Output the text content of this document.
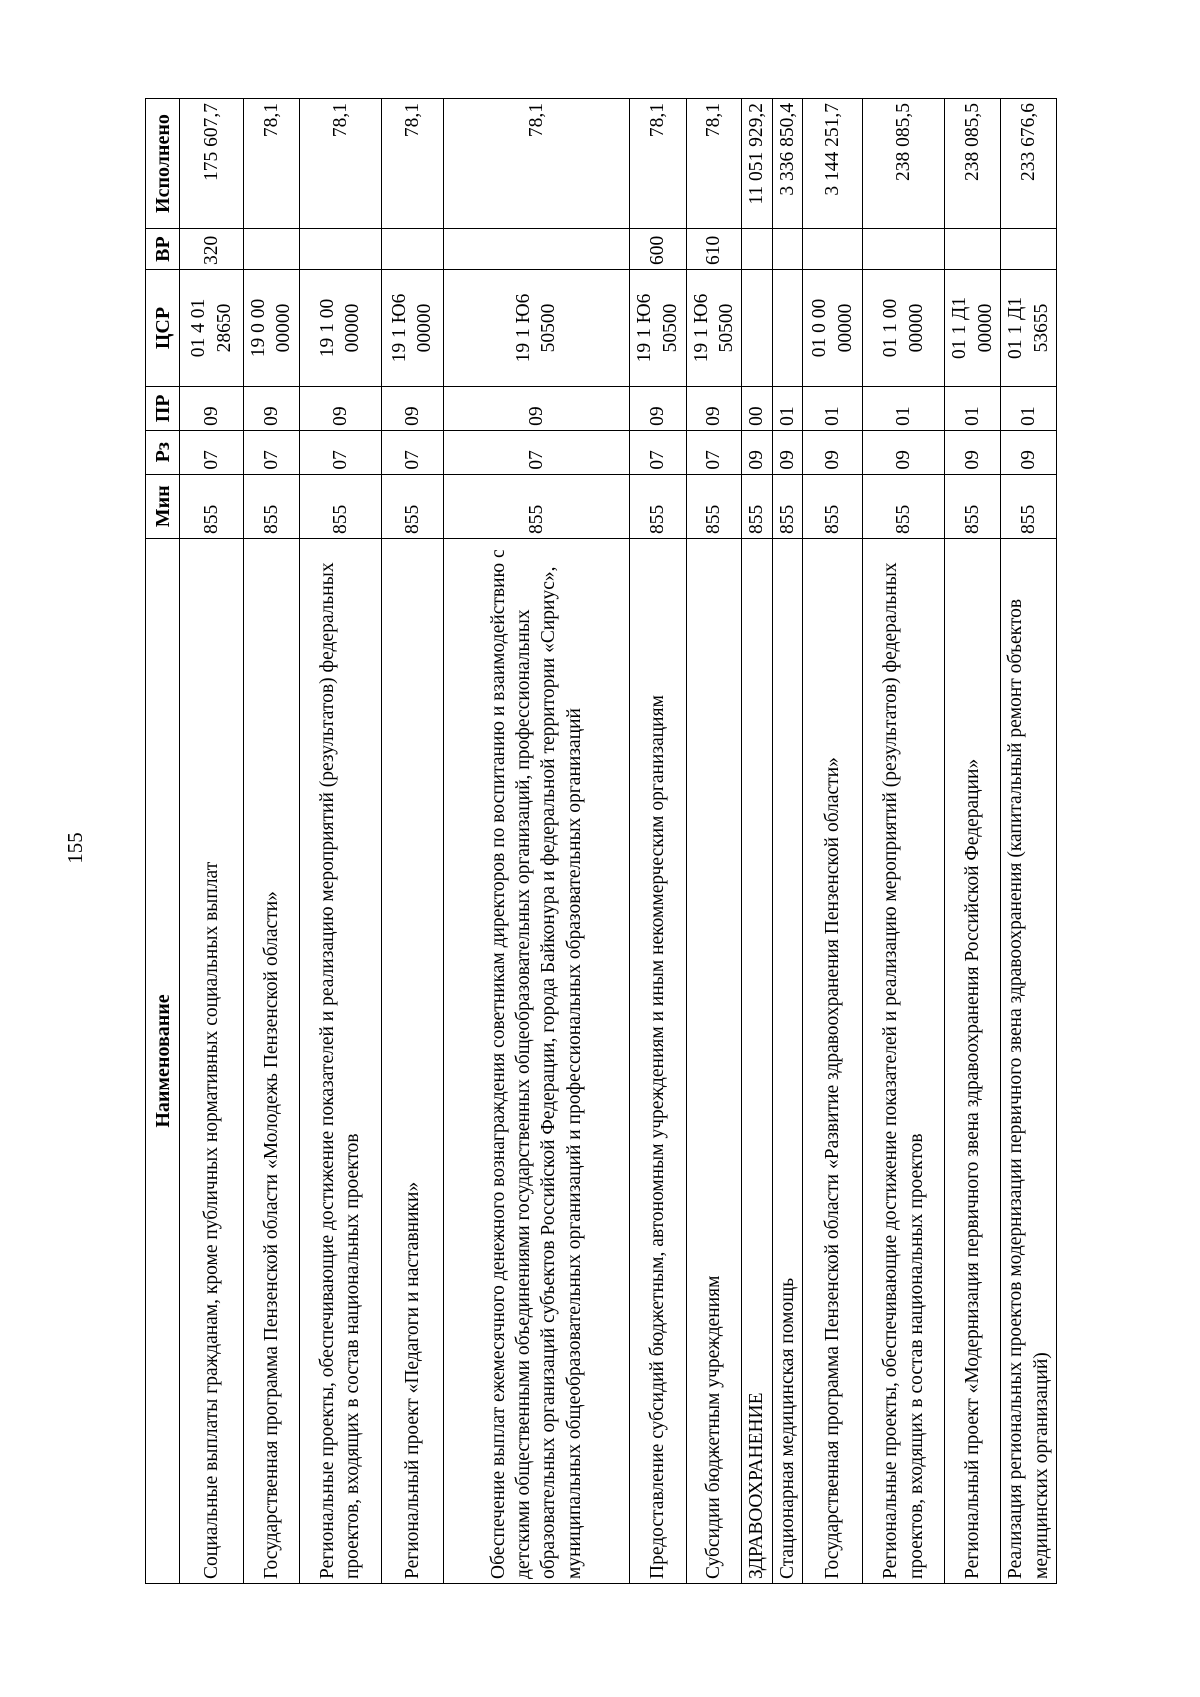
155
Наименование	Мин	Рз	ПР	ЦСР	ВР	Исполнено
Социальные выплаты гражданам, кроме публичных нормативных социальных выплат	855	07	09	01 4 01 28650	320	175 607,7
Государственная программа Пензенской области «Молодежь Пензенской области»	855	07	09	19 0 00 00000		78,1
Региональные проекты, обеспечивающие достижение показателей и реализацию мероприятий (результатов) федеральных проектов, входящих в состав национальных проектов	855	07	09	19 1 00 00000		78,1
Региональный проект «Педагоги и наставники»	855	07	09	19 1 Ю6 00000		78,1
Обеспечение выплат ежемесячного денежного вознаграждения советникам директоров по воспитанию и взаимодействию с детскими общественными объединениями государственных общеобразовательных организаций, профессиональных образовательных организаций субъектов Российской Федерации, города Байконура и федеральной территории «Сириус», муниципальных общеобразовательных организаций и профессиональных образовательных организаций	855	07	09	19 1 Ю6 50500		78,1
Предоставление субсидий бюджетным, автономным учреждениям и иным некоммерческим организациям	855	07	09	19 1 Ю6 50500	600	78,1
Субсидии бюджетным учреждениям	855	07	09	19 1 Ю6 50500	610	78,1
ЗДРАВООХРАНЕНИЕ	855	09	00			11 051 929,2
Стационарная медицинская помощь	855	09	01			3 336 850,4
Государственная программа Пензенской области «Развитие здравоохранения Пензенской области»	855	09	01	01 0 00 00000		3 144 251,7
Региональные проекты, обеспечивающие достижение показателей и реализацию мероприятий (результатов) федеральных проектов, входящих в состав национальных проектов	855	09	01	01 1 00 00000		238 085,5
Региональный проект «Модернизация первичного звена здравоохранения Российской Федерации»	855	09	01	01 1 Д1 00000		238 085,5
Реализация региональных проектов модернизации первичного звена здравоохранения (капитальный ремонт объектов медицинских организаций)	855	09	01	01 1 Д1 53655		233 676,6
